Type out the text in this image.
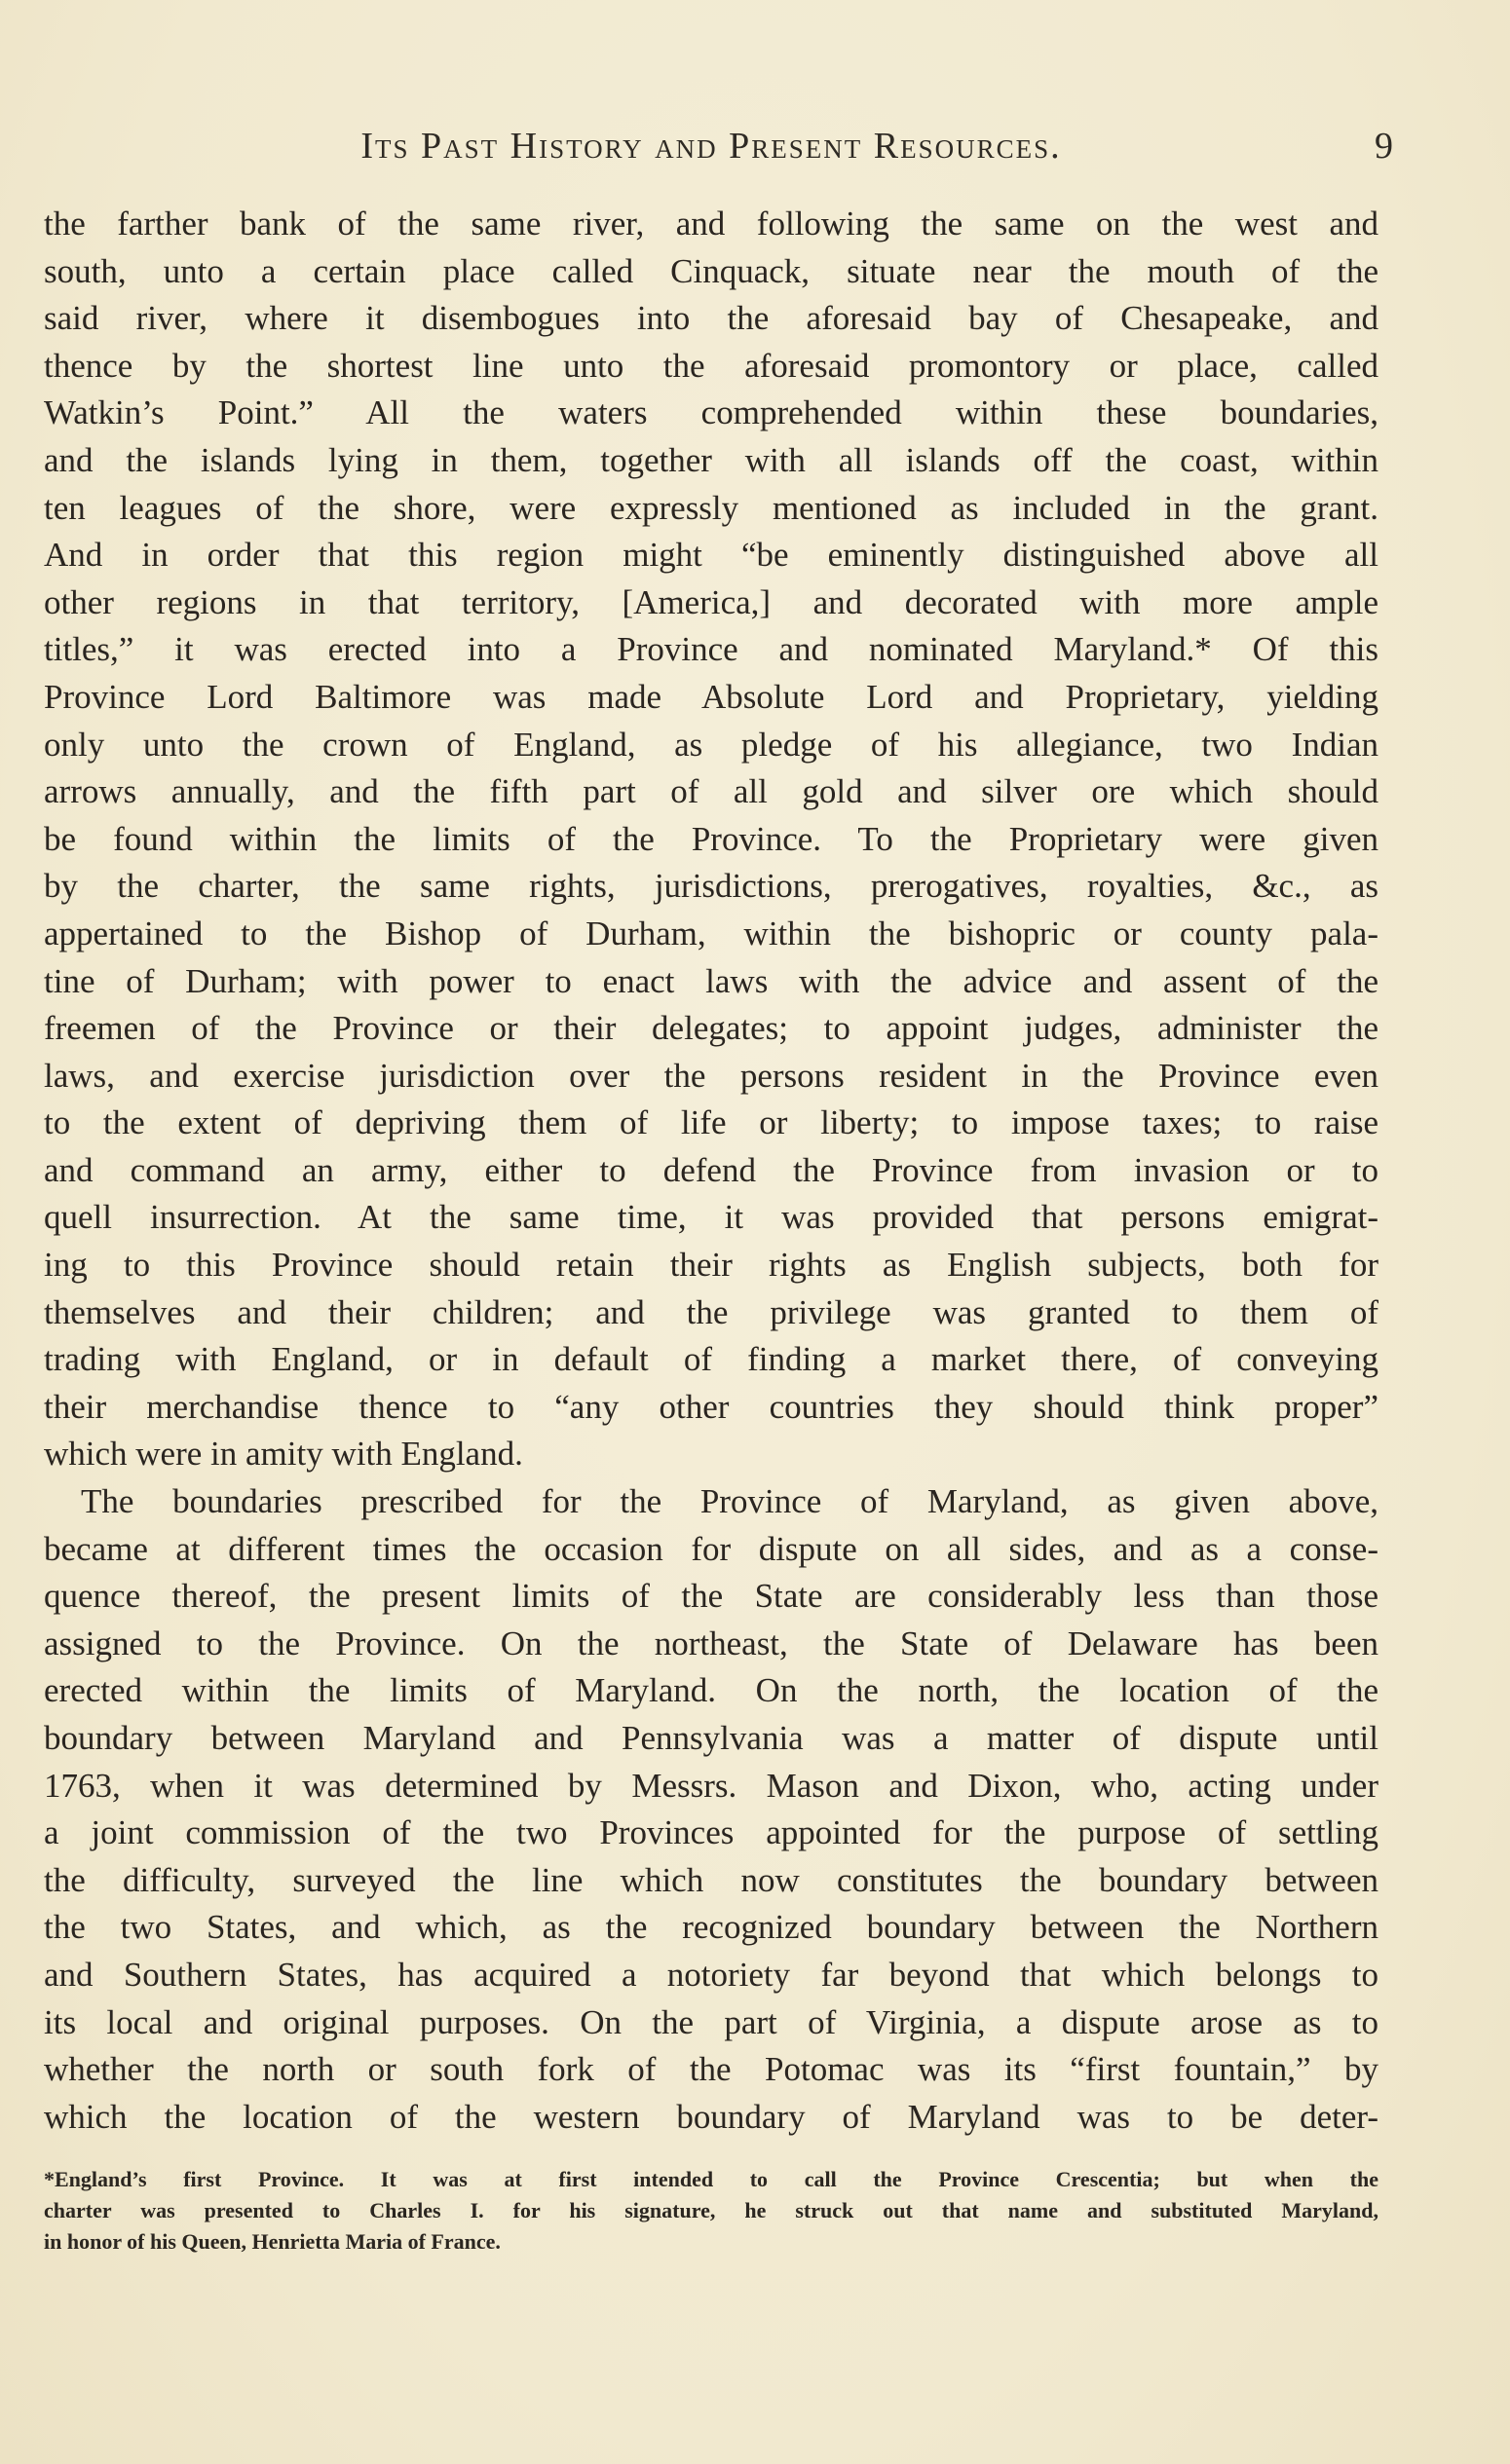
Its Past History and Present Resources.	9
the farther bank of the same river, and following the same on the west and
south, unto a certain place called Cinquack, situate near the mouth of the
said river, where it disembogues into the aforesaid bay of Chesapeake, and
thence by the shortest line unto the aforesaid promontory or place, called
Watkin’s Point.” All the waters comprehended within these boundaries,
and the islands lying in them, together with all islands off the coast, within
ten leagues of the shore, were expressly mentioned as included in the grant.
And in order that this region might “be eminently distinguished above all
other regions in that territory, [America,] and decorated with more ample
titles,” it was erected into a Province and nominated Maryland.* Of this
Province Lord Baltimore was made Absolute Lord and Proprietary, yielding
only unto the crown of England, as pledge of his allegiance, two Indian
arrows annually, and the fifth part of all gold and silver ore which should
be found within the limits of the Province. To the Proprietary were given
by the charter, the same rights, jurisdictions, prerogatives, royalties, &c., as
appertained to the Bishop of Durham, within the bishopric or county pala-
tine of Durham; with power to enact laws with the advice and assent of the
freemen of the Province or their delegates; to appoint judges, administer the
laws, and exercise jurisdiction over the persons resident in the Province even
to the extent of depriving them of life or liberty; to impose taxes; to raise
and command an army, either to defend the Province from invasion or to
quell insurrection. At the same time, it was provided that persons emigrat-
ing to this Province should retain their rights as English subjects, both for
themselves and their children; and the privilege was granted to them of
trading with England, or in default of finding a market there, of conveying
their merchandise thence to “any other countries they should think proper”
which were in amity with England.
The boundaries prescribed for the Province of Maryland, as given above,
became at different times the occasion for dispute on all sides, and as a conse-
quence thereof, the present limits of the State are considerably less than those
assigned to the Province. On the northeast, the State of Delaware has been
erected within the limits of Maryland. On the north, the location of the
boundary between Maryland and Pennsylvania was a matter of dispute until
1763, when it was determined by Messrs. Mason and Dixon, who, acting under
a joint commission of the two Provinces appointed for the purpose of settling
the difficulty, surveyed the line which now constitutes the boundary between
the two States, and which, as the recognized boundary between the Northern
and Southern States, has acquired a notoriety far beyond that which belongs to
its local and original purposes. On the part of Virginia, a dispute arose as to
whether the north or south fork of the Potomac was its “first fountain,” by
which the location of the western boundary of Maryland was to be deter-
*England’s first Province. It was at first intended to call the Province Crescentia; but when the
charter was presented to Charles I. for his signature, he struck out that name and substituted Maryland,
in honor of his Queen, Henrietta Maria of France.
